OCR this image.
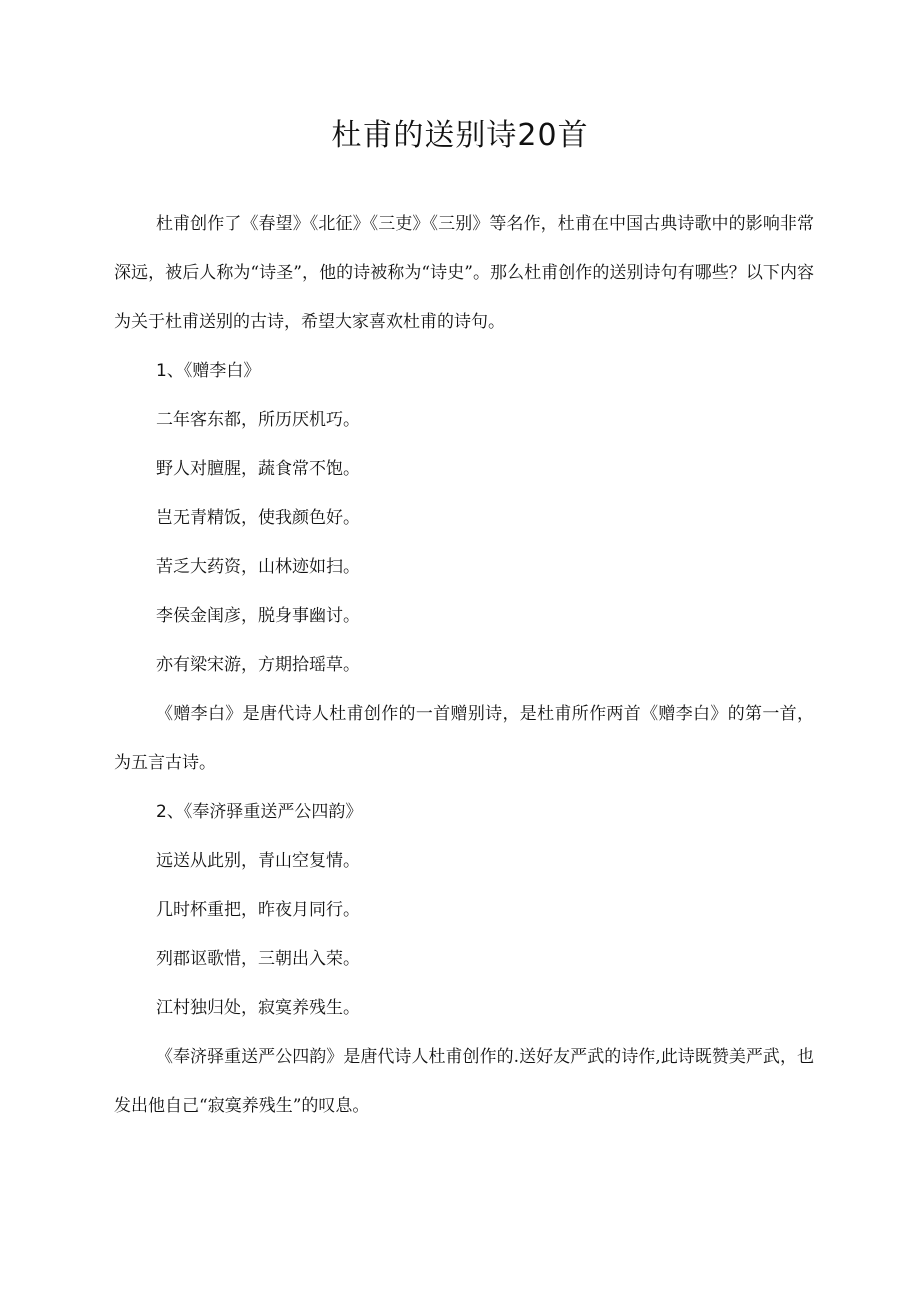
杜甫的送别诗20首

杜甫创作了《春望》《北征》《三吏》《三别》等名作，杜甫在中国古典诗歌中的影响非常深远，被后人称为“诗圣”，他的诗被称为“诗史”。那么杜甫创作的送别诗句有哪些？以下内容为关于杜甫送别的古诗，希望大家喜欢杜甫的诗句。

1、《赠李白》

二年客东都，所历厌机巧。

野人对膻腥，蔬食常不饱。

岂无青精饭，使我颜色好。

苦乏大药资，山林迹如扫。

李侯金闺彦，脱身事幽讨。

亦有梁宋游，方期拾瑶草。

《赠李白》是唐代诗人杜甫创作的一首赠别诗，是杜甫所作两首《赠李白》的第一首，为五言古诗。

2、《奉济驿重送严公四韵》

远送从此别，青山空复情。

几时杯重把，昨夜月同行。

列郡讴歌惜，三朝出入荣。

江村独归处，寂寞养残生。

《奉济驿重送严公四韵》是唐代诗人杜甫创作的.送好友严武的诗作,此诗既赞美严武，也发出他自己“寂寞养残生”的叹息。
